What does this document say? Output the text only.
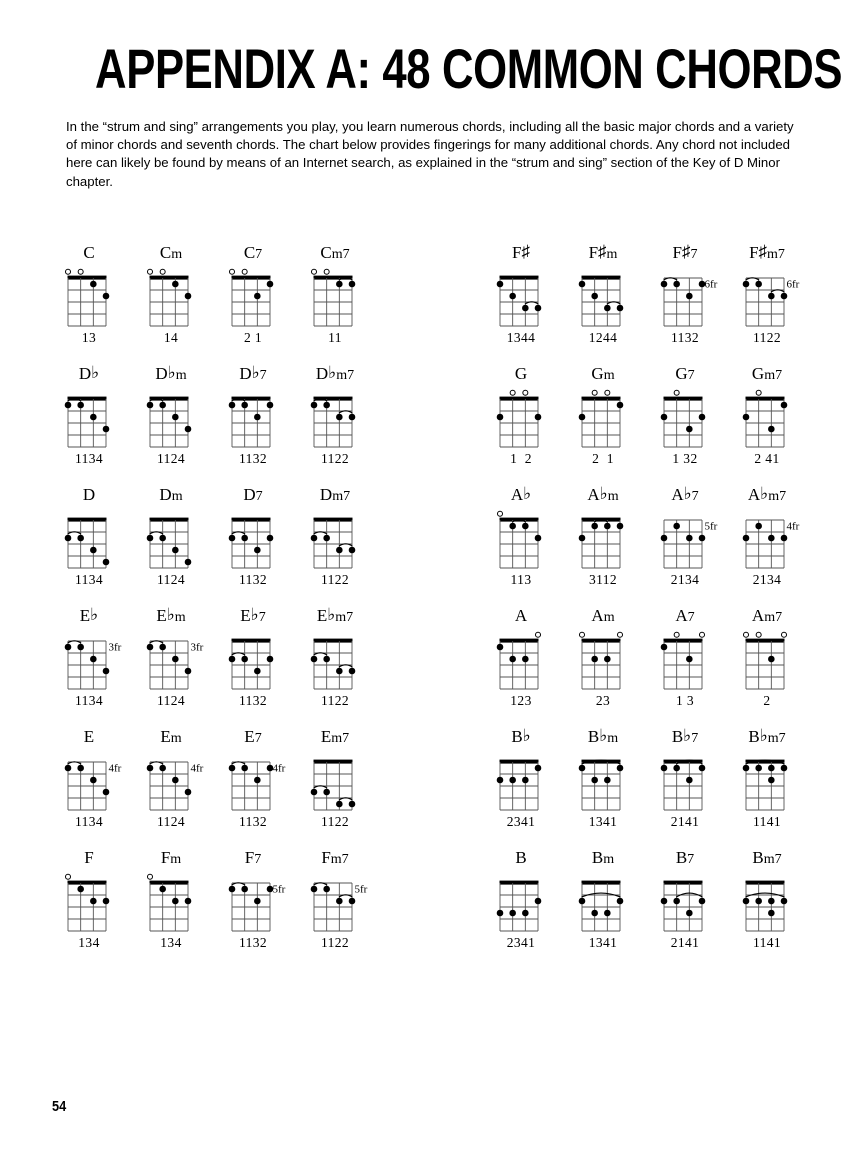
APPENDIX A: 48 COMMON CHORDS
In the “strum and sing” arrangements you play, you learn numerous chords, including all the basic major chords and a variety of minor chords and seventh chords. The chart below provides fingerings for many additional chords. Any chord not included here can likely be found by means of an Internet search, as explained in the “strum and sing” section of the Key of D Minor chapter.
C
13
Cm
14
C7
2 1
Cm7
11
D♭
1134
D♭m
1124
D♭7
1132
D♭m7
1122
D
1134
Dm
1124
D7
1132
Dm7
1122
E♭
3fr
1134
E♭m
3fr
1124
E♭7
1132
E♭m7
1122
E
4fr
1134
Em
4fr
1124
E7
4fr
1132
Em7
1122
F
134
Fm
134
F7
5fr
1132
Fm7
5fr
1122
F♯
1344
F♯m
1244
F♯7
6fr
1132
F♯m7
6fr
1122
G
1  2
Gm
2  1
G7
1 32
Gm7
2 41
A♭
113
A♭m
3112
A♭7
5fr
2134
A♭m7
4fr
2134
A
123
Am
23
A7
1 3
Am7
2
B♭
2341
B♭m
1341
B♭7
2141
B♭m7
1141
B
2341
Bm
1341
B7
2141
Bm7
1141
54
